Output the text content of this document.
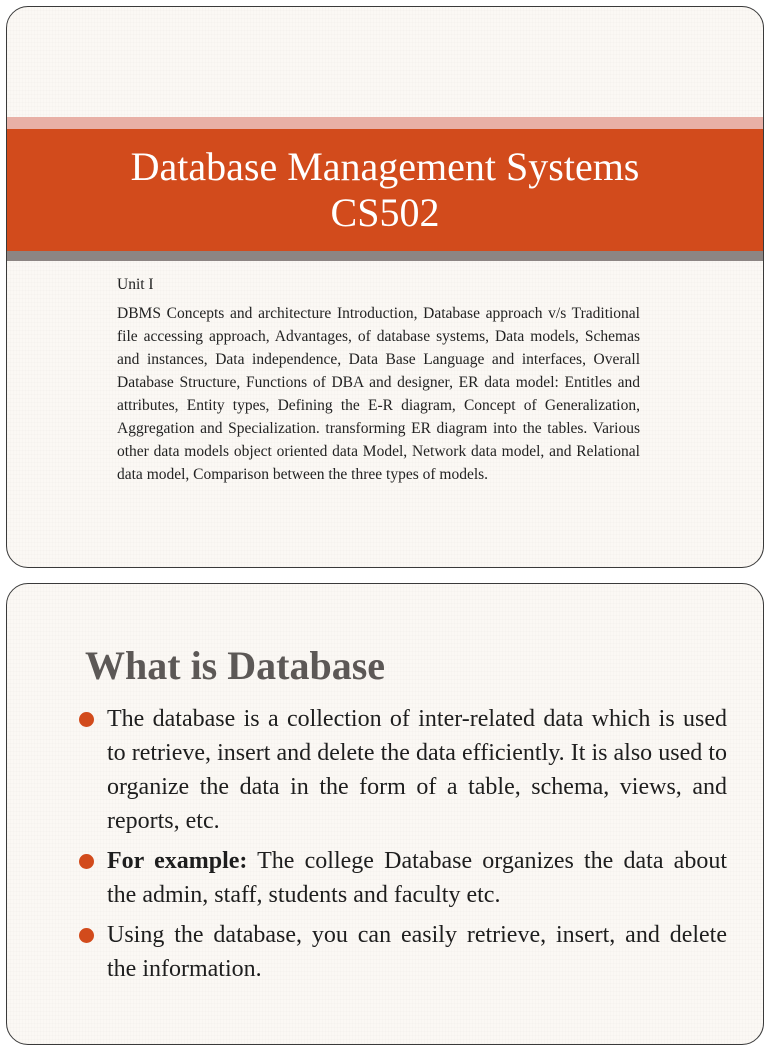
Database Management Systems
CS502
Unit I
DBMS Concepts and architecture Introduction, Database approach v/s Traditional file accessing approach, Advantages, of database systems, Data models, Schemas and instances, Data independence, Data Base Language and interfaces, Overall Database Structure, Functions of DBA and designer, ER data model: Entitles and attributes, Entity types, Defining the E-R diagram, Concept of Generalization, Aggregation and Specialization. transforming ER diagram into the tables. Various other data models object oriented data Model, Network data model, and Relational data model, Comparison between the three types of models.
What is Database
The database is a collection of inter-related data which is used to retrieve, insert and delete the data efficiently. It is also used to organize the data in the form of a table, schema, views, and reports, etc.
For example: The college Database organizes the data about the admin, staff, students and faculty etc.
Using the database, you can easily retrieve, insert, and delete the information.
